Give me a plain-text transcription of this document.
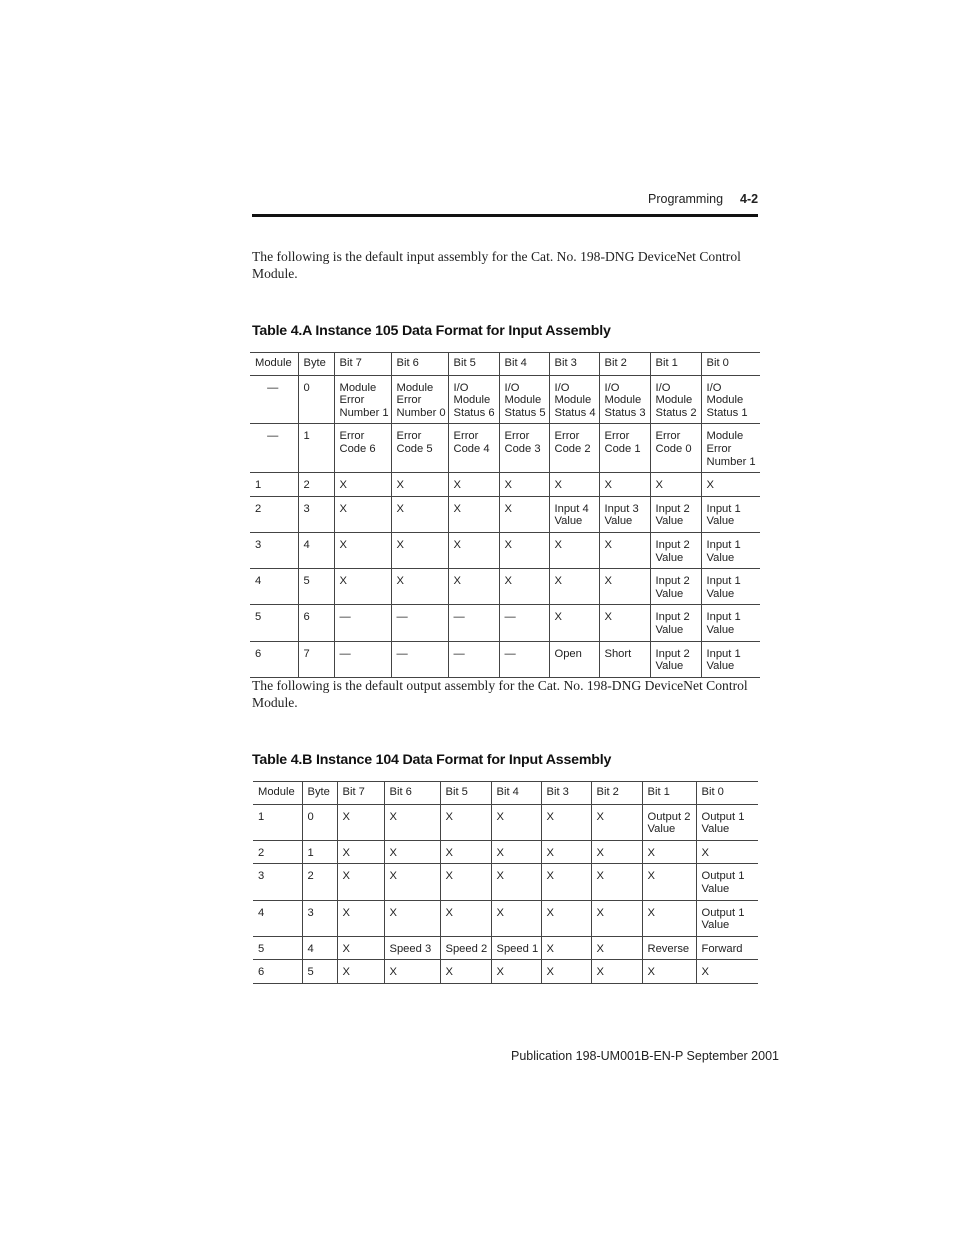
Programming 4-2

The following is the default input assembly for the Cat. No. 198-DNG DeviceNet Control Module.

Table 4.A Instance 105 Data Format for Input Assembly
Module	Byte	Bit 7	Bit 6	Bit 5	Bit 4	Bit 3	Bit 2	Bit 1	Bit 0
—	0	Module
Error
Number 1	Module
Error
Number 0	I/O
Module
Status 6	I/O
Module
Status 5	I/O
Module
Status 4	I/O
Module
Status 3	I/O
Module
Status 2	I/O
Module
Status 1
—	1	Error
Code 6	Error
Code 5	Error
Code 4	Error
Code 3	Error
Code 2	Error
Code 1	Error
Code 0	Module
Error
Number 1
1	2	X	X	X	X	X	X	X	X
2	3	X	X	X	X	Input 4
Value	Input 3
Value	Input 2
Value	Input 1
Value
3	4	X	X	X	X	X	X	Input 2
Value	Input 1
Value
4	5	X	X	X	X	X	X	Input 2
Value	Input 1
Value
5	6	—	—	—	—	X	X	Input 2
Value	Input 1
Value
6	7	—	—	—	—	Open	Short	Input 2
Value	Input 1
Value

The following is the default output assembly for the Cat. No. 198-DNG DeviceNet Control Module.

Table 4.B Instance 104 Data Format for Input Assembly
Module	Byte	Bit 7	Bit 6	Bit 5	Bit 4	Bit 3	Bit 2	Bit 1	Bit 0
1	0	X	X	X	X	X	X	Output 2
Value	Output 1
Value
2	1	X	X	X	X	X	X	X	X
3	2	X	X	X	X	X	X	X	Output 1
Value
4	3	X	X	X	X	X	X	X	Output 1
Value
5	4	X	Speed 3	Speed 2	Speed 1	X	X	Reverse	Forward
6	5	X	X	X	X	X	X	X	X
Publication 198-UM001B-EN-P September 2001
